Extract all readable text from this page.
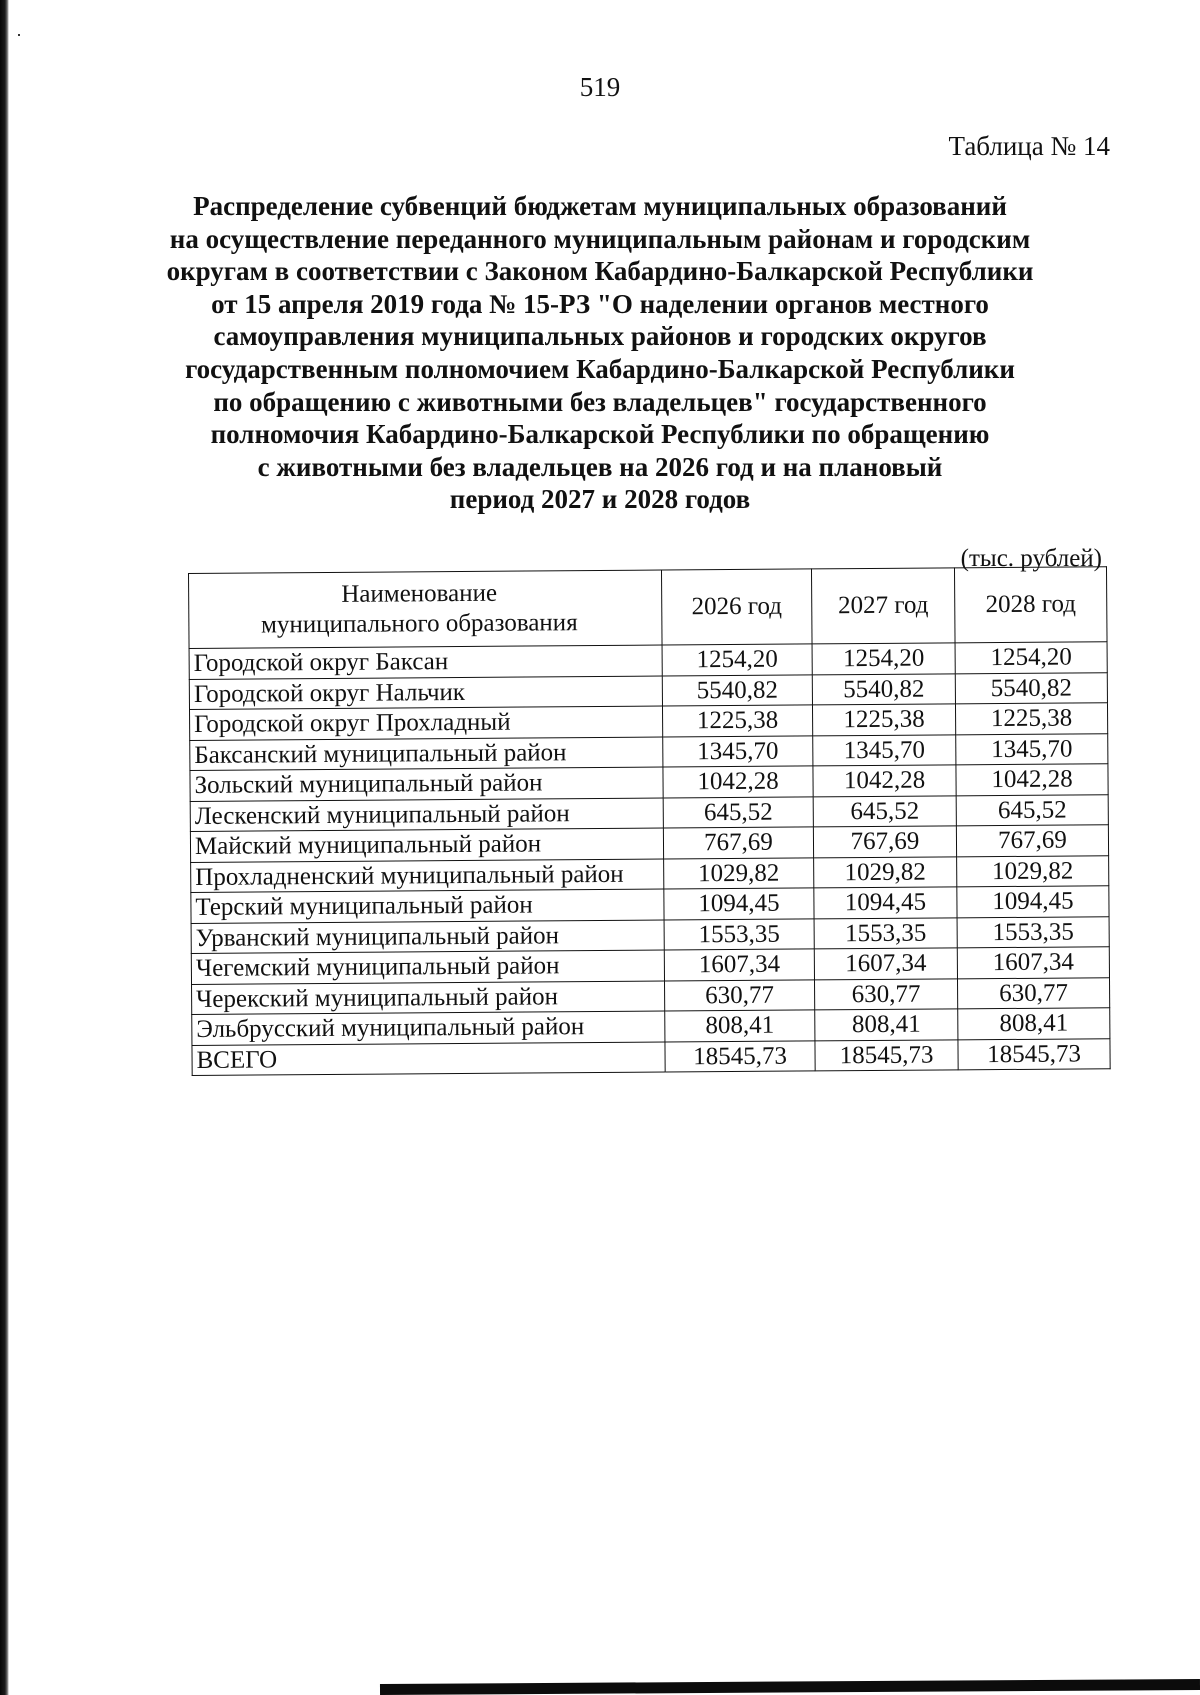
519
Таблица № 14
Распределение субвенций бюджетам муниципальных образований
на осуществление переданного муниципальным районам и городским
округам в соответствии с Законом Кабардино-Балкарской Республики
от 15 апреля 2019 года № 15-РЗ "О наделении органов местного
самоуправления муниципальных районов и городских округов
государственным полномочием Кабардино-Балкарской Республики
по обращению с животными без владельцев" государственного
полномочия Кабардино-Балкарской Республики по обращению
с животными без владельцев на 2026 год и на плановый
период 2027 и 2028 годов
(тыс. рублей)
Наименование
муниципального образования	2026 год	2027 год	2028 год
Городской округ Баксан	1254,20	1254,20	1254,20
Городской округ Нальчик	5540,82	5540,82	5540,82
Городской округ Прохладный	1225,38	1225,38	1225,38
Баксанский муниципальный район	1345,70	1345,70	1345,70
Зольский муниципальный район	1042,28	1042,28	1042,28
Лескенский муниципальный район	645,52	645,52	645,52
Майский муниципальный район	767,69	767,69	767,69
Прохладненский муниципальный район	1029,82	1029,82	1029,82
Терский муниципальный район	1094,45	1094,45	1094,45
Урванский муниципальный район	1553,35	1553,35	1553,35
Чегемский муниципальный район	1607,34	1607,34	1607,34
Черекский муниципальный район	630,77	630,77	630,77
Эльбрусский муниципальный район	808,41	808,41	808,41
ВСЕГО	18545,73	18545,73	18545,73
